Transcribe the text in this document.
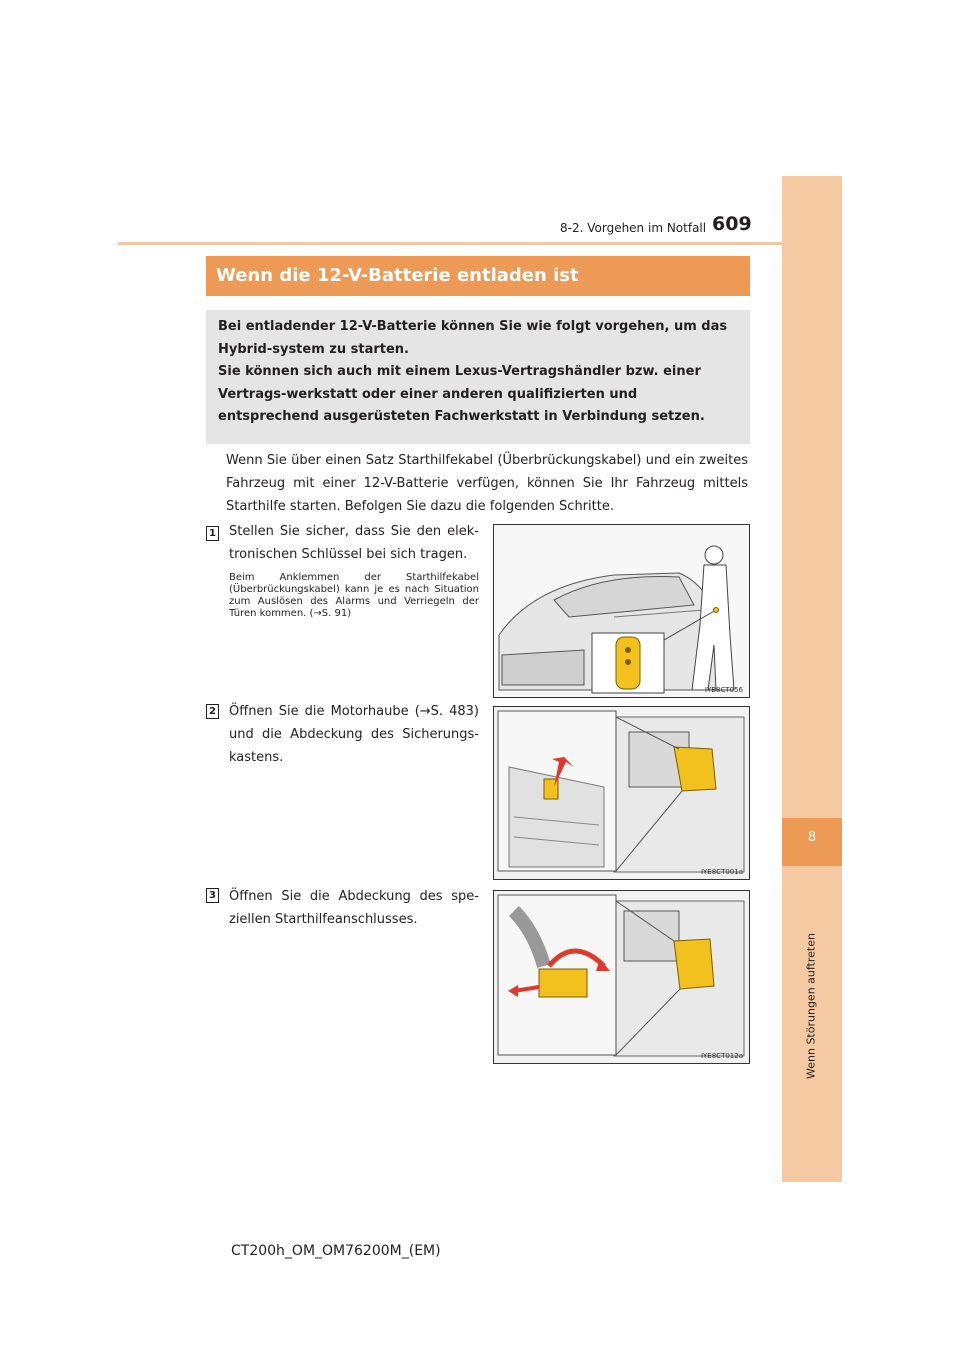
8-2. Vorgehen im Notfall 609
8
Wenn Störungen auftreten
Wenn die 12-V-Batterie entladen ist

Bei entladender 12-V-Batterie können Sie wie folgt vorgehen, um das Hybrid-system zu starten.

Sie können sich auch mit einem Lexus-Vertragshändler bzw. einer Vertrags-werkstatt oder einer anderen qualifizierten und entsprechend ausgerüsteten Fachwerkstatt in Verbindung setzen.

Wenn Sie über einen Satz Starthilfekabel (Überbrückungskabel) und ein zweites Fahrzeug mit einer 12-V-Batterie verfügen, können Sie Ihr Fahrzeug mittels Starthilfe starten. Befolgen Sie dazu die folgenden Schritte.
1 Stellen Sie sicher, dass Sie den elek-tronischen Schlüssel bei sich tragen.
Beim Anklemmen der Starthilfekabel (Überbrückungskabel) kann je es nach Situation zum Auslösen des Alarms und Verriegeln der Türen kommen. (→S. 91)
IYB8CT056
2 Öffnen Sie die Motorhaube (→S. 483) und die Abdeckung des Sicherungs-kastens.
IYE8CT001a
3 Öffnen Sie die Abdeckung des spe-ziellen Starthilfeanschlusses.
IYE8CT012a
CT200h_OM_OM76200M_(EM)
